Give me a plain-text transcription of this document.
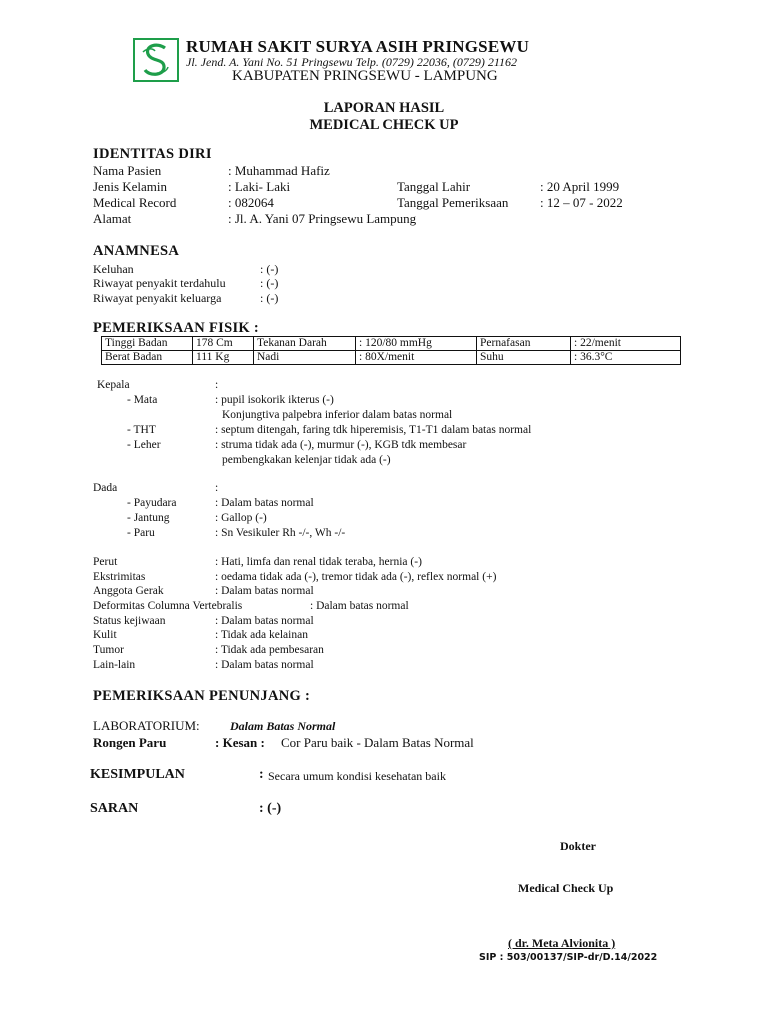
RUMAH SAKIT SURYA ASIH PRINGSEWU
Jl. Jend. A. Yani No. 51 Pringsewu Telp. (0729) 22036, (0729) 21162
KABUPATEN PRINGSEWU - LAMPUNG
LAPORAN HASIL
MEDICAL CHECK UP
IDENTITAS DIRI
Nama Pasien	: Muhammad Hafiz
Jenis Kelamin	: Laki- Laki	Tanggal Lahir	: 20 April 1999
Medical Record	: 082064	Tanggal Pemeriksaan : 12 – 07 - 2022
Alamat	: Jl. A. Yani 07 Pringsewu Lampung
ANAMNESA
Keluhan	: (-)
Riwayat penyakit terdahulu	: (-)
Riwayat penyakit keluarga	: (-)
PEMERIKSAAN FISIK :
Tinggi Badan	178 Cm	Tekanan Darah	: 120/80 mmHg	Pernafasan	: 22/menit
Berat Badan	111 Kg	Nadi	: 80X/menit	Suhu	: 36.3°C
Kepala	:
- Mata	: pupil isokorik ikterus (-)
Konjungtiva palpebra inferior dalam batas normal
- THT	: septum ditengah, faring tdk hiperemisis, T1-T1 dalam batas normal
- Leher	: struma tidak ada (-), murmur (-), KGB tdk membesar
pembengkakan kelenjar tidak ada (-)
Dada	:
- Payudara	: Dalam batas normal
- Jantung	: Gallop (-)
- Paru	: Sn Vesikuler Rh -/-, Wh -/-
Perut	: Hati, limfa dan renal tidak teraba, hernia (-)
Ekstrimitas	: oedama tidak ada (-), tremor tidak ada (-), reflex normal (+)
Anggota Gerak	: Dalam batas normal
Deformitas Columna Vertebralis	: Dalam batas normal
Status kejiwaan	: Dalam batas normal
Kulit	: Tidak ada kelainan
Tumor	: Tidak ada pembesaran
Lain-lain	: Dalam batas normal
PEMERIKSAAN PENUNJANG :
LABORATORIUM:	Dalam Batas Normal
Rongen Paru	: Kesan : Cor Paru baik - Dalam Batas Normal
KESIMPULAN	: Secara umum kondisi kesehatan baik
SARAN	: (-)
Dokter
Medical Check Up
( dr. Meta Alvionita )
SIP : 503/00137/SIP-dr/D.14/2022
